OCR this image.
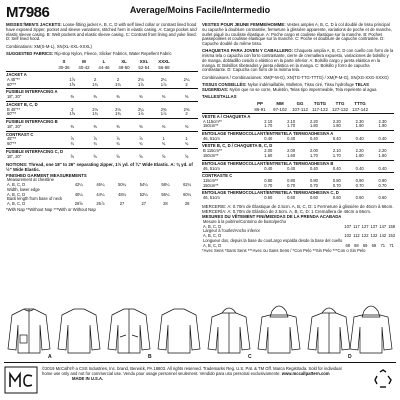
M7986	Average/Moins Facile/Intermedio
MISSES'/MEN'S JACKETS: Loose-fitting jacket A, B, C, D with self lined collar or contrast lined hood have exposed zipper, pocket and sleeve variations, stitched hem in elastic casing. A: Cargo pocket and elastic sleeve casing. B: Welt pockets and elastic sleeve casing. C: Contrast front lining and yoke lined. D: Self lined hood.
Combinations: XM(S-M-L), XN(XL-XXL-XXXL)
SUGGESTED FABRICS: Rip-stop Nylon, Fleece, Slicker Fabrics, Water Repellent Fabric
S	M	L	XL	XXL	XXXL
30-36	40-42	44-46	48-50	52-54	56-58
JACKET A
A 45"**	1⅞	2	2	2⅛	2¼	2¼
60"**	1⅝	1¾	1¾	1⅞	1⅞	2
FUSIBLE INTERFACING A
18", 20"	⅜	⅜	⅜	⅜	⅜	⅜
JACKET B, C, D
B 45"**	2	2⅛	2⅛	2¼	2⅜	2⅜
60"**	1⅝	1¾	1¾	1⅞	1⅞	2
FUSIBLE INTERFACING B
18", 20"	⅜	⅜	⅜	⅜	⅜	⅜
CONTRAST C
45"**	⅞	⅞	⅞	⅞	1	1
60"**	¾	¾	¾	¾	¾	¾
FUSIBLE INTERFACING C, D
18", 20"	⅝	⅝	⅝	⅝	⅝	⅝
NOTIONS: Thread, one 18" to 26" separating zipper, 1½ yd. of ¾" Wide Elastic. A: ⅜ yd. of ½" Wide Elastic.
FINISHED GARMENT MEASUREMENTS
Measurement at chestline						
A, B, C, D	42¼	46¼	50¼	54¼	58¼	62¼
Width, lower edge						
A, B, C, D	40¼	44¼	48¼	52¼	56¼	60¼
Back length from base of neck						
A, B, C, D	26⅝	26⅞	27	27	28	28
*With Nap **Without Nap ***With or Without Nap
VESTES POUR JEUNE FEMME/HOMME: Vestes amples A, B, C, D à col doublé de tissu principal ou capuche à doublure contrastée, fermeture à glissière apparente, variations de poche et de manche, ourlet piqué ou coulisse élastique. A: Poche cargo et coulisse élastique sur la manche. B: Poches passepoilées et coulisse élastique sur la manche. C: Poche et doublure de capuche contrastée. D: Capuche doublé du même tissu.
CHAQUETAS PARA JOVEN Y CABALLERO: Chaqueta amplia A, B, C, D con cuello con forro de la misma tela o capucha con forro contrastante, cierre de cremallera expuesto, variaciones de bolsillo y de manga, dobladillo cosido o elástico en la parte inferior. A: Bolsillo cargo y jareta elástica en la manga. B: Bolsillos ribeteados y jareta elástica en la manga. C: Bolsillo y forro de capucha contrastante. D: Capucha con forro de la misma tela.
Combinaisons / Combinaciones: XM(P-M-G), XN(TG-TTG-TTTG) / XM(P-M-G), XN(XG-XXG-XXXG)
TISSUS CONSEILLÉS: Nylon indémaillable, Molleton, Tissu ciré, Tissu hydrofuge TELAS SUGERIDAS: Nylon que no se corre, Muletón, Telas tipo impermeable, Tela repelente al agua
TAILLES/TALLAS
PP	MM	GG	TGTG	TTG	TTTG
86-91	97-102	107-112 117-122 127-132 137-142
VESTE A / CHAQUETA A
A 115cm**	2.10	2.10	2.20	2.20	2.30	2.30
150cm**	1.70	1.70	1.80	1.80	1.90	1.90
ENTOILAGE THERMOCOLLANT/ENTRETELA TERMOADHESIVA A
46, 51cm	0.40	0.40	0.40	0.40	0.40	0.40
VESTE B, C, D / CHAQUETA B, C, D
B 115cm**	2.00	2.00	2.00	2.10	2.20	2.20
150cm**	1.60	1.60	1.70	1.70	1.80	1.80
ENTOILAGE THERMOCOLLANT/ENTRETELA TERMOADHESIVA B
46, 51cm	0.40	0.40	0.40	0.40	0.40	0.40
CONTRASTE C
115cm**	0.80	0.80	0.80	0.80	0.90	0.90
150cm**	0.70	0.70	0.70	0.70	0.70	0.70
ENTOILAGE THERMOCOLLANT/ENTRETELA TERMOADHESIVA C, D
46, 51cm	0.60	0.60	0.60	0.60	0.60	0.60
MERCERIE: A: 0.70m de Élastique de 2.5cm. A, B, C, D: 1 Fermeture à glissière de 46cm à 66cm. MERCERÍA: A: 0.70m de Elástico de 2.5cm. A, B, C, D: 1 Cremallera de 46cm a 66cm.
MESURES DU VÊTEMENT FINI/MEDIDAS DE LA PRENDA ACABADA
Mesure à la poitrine/Contorno de busto/pecho						
A, B, C, D	107	117	127	137	147	158
Largeur à l'ourlet/Ancho inferior						
A, B, C, D	102	112	122	132	142	153
Longueur dos, depuis la base du cou/Largo espalda desde la base del cuello						
A, B, C, D	68	68	69	69	71	71
*Avec Sens *Sans Sens ***Avec ou Sans Sens / *Con Pelo **Sin Pelo ***Con o Sin Pelo
A	B	C	D
©2019 McCall's® a CSS Industries, Inc. brand, Berwick, PA 18603. All rights reserved. Trademarks Reg. U.S. Pat. & TM Off. Marca Registrada. Sold for individual home use only and not for commercial use. Vendu pour usage personnel seulement. Vendido para uso personal exclusivamente. www.mccallpattern.com MADE IN U.S.A.
